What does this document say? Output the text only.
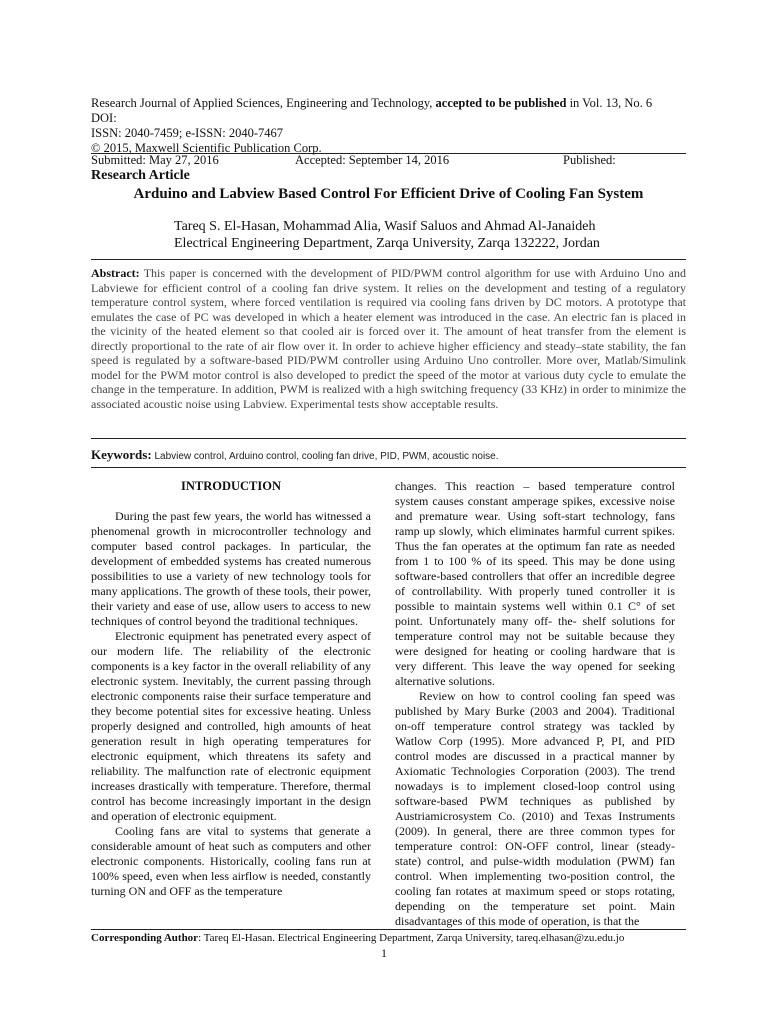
Research Journal of Applied Sciences, Engineering and Technology, accepted to be published in Vol. 13, No. 6
DOI:
ISSN: 2040-7459; e-ISSN: 2040-7467
© 2015, Maxwell Scientific Publication Corp.
Submitted: May 27, 2016	Accepted: September 14, 2016	Published:
Research Article
Arduino and Labview Based Control For Efficient Drive of Cooling Fan System
Tareq S. El-Hasan, Mohammad Alia, Wasif Saluos and Ahmad Al-Janaideh
Electrical Engineering Department, Zarqa University, Zarqa 132222, Jordan
Abstract: This paper is concerned with the development of PID/PWM control algorithm for use with Arduino Uno and Labviewe for efficient control of a cooling fan drive system. It relies on the development and testing of a regulatory temperature control system, where forced ventilation is required via cooling fans driven by DC motors. A prototype that emulates the case of PC was developed in which a heater element was introduced in the case. An electric fan is placed in the vicinity of the heated element so that cooled air is forced over it. The amount of heat transfer from the element is directly proportional to the rate of air flow over it. In order to achieve higher efficiency and steady–state stability, the fan speed is regulated by a software-based PID/PWM controller using Arduino Uno controller. More over, Matlab/Simulink model for the PWM motor control is also developed to predict the speed of the motor at various duty cycle to emulate the change in the temperature. In addition, PWM is realized with a high switching frequency (33 KHz) in order to minimize the associated acoustic noise using Labview. Experimental tests show acceptable results.
Keywords: Labview control, Arduino control, cooling fan drive, PID, PWM, acoustic noise.
INTRODUCTION

During the past few years, the world has witnessed a phenomenal growth in microcontroller technology and computer based control packages. In particular, the development of embedded systems has created numerous possibilities to use a variety of new technology tools for many applications. The growth of these tools, their power, their variety and ease of use, allow users to access to new techniques of control beyond the traditional techniques.

Electronic equipment has penetrated every aspect of our modern life. The reliability of the electronic components is a key factor in the overall reliability of any electronic system. Inevitably, the current passing through electronic components raise their surface temperature and they become potential sites for excessive heating. Unless properly designed and controlled, high amounts of heat generation result in high operating temperatures for electronic equipment, which threatens its safety and reliability. The malfunction rate of electronic equipment increases drastically with temperature. Therefore, thermal control has become increasingly important in the design and operation of electronic equipment.

Cooling fans are vital to systems that generate a considerable amount of heat such as computers and other electronic components. Historically, cooling fans run at 100% speed, even when less airflow is needed, constantly turning ON and OFF as the temperature

changes. This reaction – based temperature control system causes constant amperage spikes, excessive noise and premature wear. Using soft-start technology, fans ramp up slowly, which eliminates harmful current spikes. Thus the fan operates at the optimum fan rate as needed from 1 to 100 % of its speed. This may be done using software-based controllers that offer an incredible degree of controllability. With properly tuned controller it is possible to maintain systems well within 0.1 C° of set point. Unfortunately many off- the- shelf solutions for temperature control may not be suitable because they were designed for heating or cooling hardware that is very different. This leave the way opened for seeking alternative solutions.

Review on how to control cooling fan speed was published by Mary Burke (2003 and 2004). Traditional on-off temperature control strategy was tackled by Watlow Corp (1995). More advanced P, PI, and PID control modes are discussed in a practical manner by Axiomatic Technologies Corporation (2003). The trend nowadays is to implement closed-loop control using software-based PWM techniques as published by Austriamicrosystem Co. (2010) and Texas Instruments (2009). In general, there are three common types for temperature control: ON-OFF control, linear (steady-state) control, and pulse-width modulation (PWM) fan control. When implementing two-position control, the cooling fan rotates at maximum speed or stops rotating, depending on the temperature set point. Main disadvantages of this mode of operation, is that the

Corresponding Author: Tareq El-Hasan. Electrical Engineering Department, Zarqa University, tareq.elhasan@zu.edu.jo
1
